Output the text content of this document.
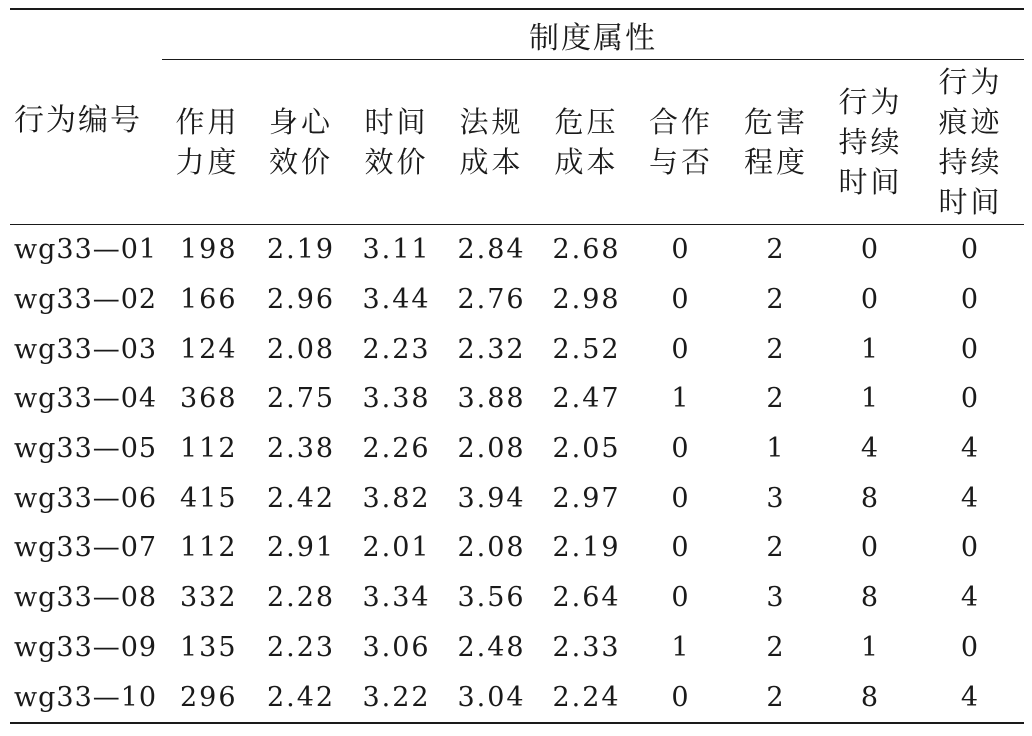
行为编号	制度属性								
	作用力度	身心效价	时间效价	法规成本	危压成本	合作与否	危害程度	行为持续时间	行为痕迹持续时间
wg33—01	198	2.19	3.11	2.84	2.68	0	2	0	0
wg33—02	166	2.96	3.44	2.76	2.98	0	2	0	0
wg33—03	124	2.08	2.23	2.32	2.52	0	2	1	0
wg33—04	368	2.75	3.38	3.88	2.47	1	2	1	0
wg33—05	112	2.38	2.26	2.08	2.05	0	1	4	4
wg33—06	415	2.42	3.82	3.94	2.97	0	3	8	4
wg33—07	112	2.91	2.01	2.08	2.19	0	2	0	0
wg33—08	332	2.28	3.34	3.56	2.64	0	3	8	4
wg33—09	135	2.23	3.06	2.48	2.33	1	2	1	0
wg33—10	296	2.42	3.22	3.04	2.24	0	2	8	4
